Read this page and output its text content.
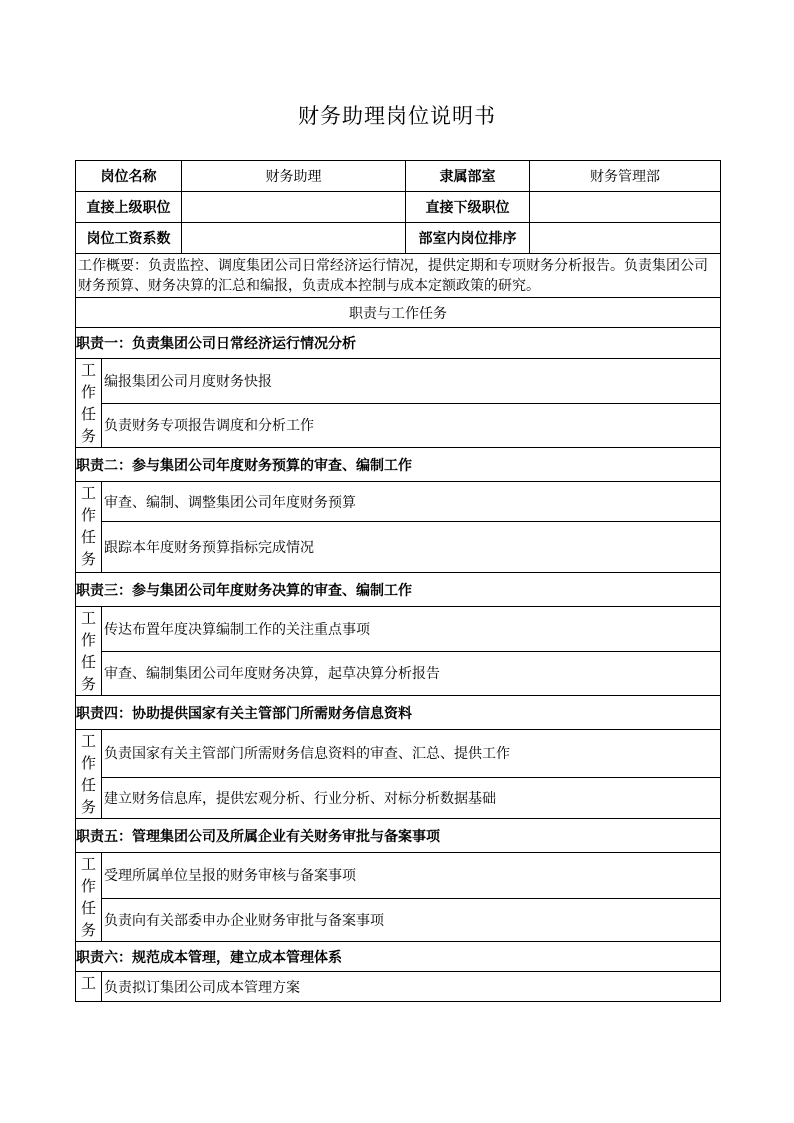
财务助理岗位说明书
岗位名称		财务助理	隶属部室	财务管理部
直接上级职位			直接下级职位	
岗位工资系数			部室内岗位排序	
工作概要：负责监控、调度集团公司日常经济运行情况，提供定期和专项财务分析报告。负责集团公司财务预算、财务决算的汇总和编报，负责成本控制与成本定额政策的研究。				
职责与工作任务				
职责一：负责集团公司日常经济运行情况分析				

工
作
任
务	编报集团公司月度财务快报			
	负责财务专项报告调度和分析工作			
职责二：参与集团公司年度财务预算的审查、编制工作				

工
作
任
务	审查、编制、调整集团公司年度财务预算			
	跟踪本年度财务预算指标完成情况			
职责三：参与集团公司年度财务决算的审查、编制工作				

工
作
任
务	传达布置年度决算编制工作的关注重点事项			
	审查、编制集团公司年度财务决算，起草决算分析报告			
职责四：协助提供国家有关主管部门所需财务信息资料				

工
作
任
务	负责国家有关主管部门所需财务信息资料的审查、汇总、提供工作			
	建立财务信息库，提供宏观分析、行业分析、对标分析数据基础			
职责五：管理集团公司及所属企业有关财务审批与备案事项				

工
作
任
务	受理所属单位呈报的财务审核与备案事项			
	负责向有关部委申办企业财务审批与备案事项			
职责六：规范成本管理，建立成本管理体系				

工	负责拟订集团公司成本管理方案			
